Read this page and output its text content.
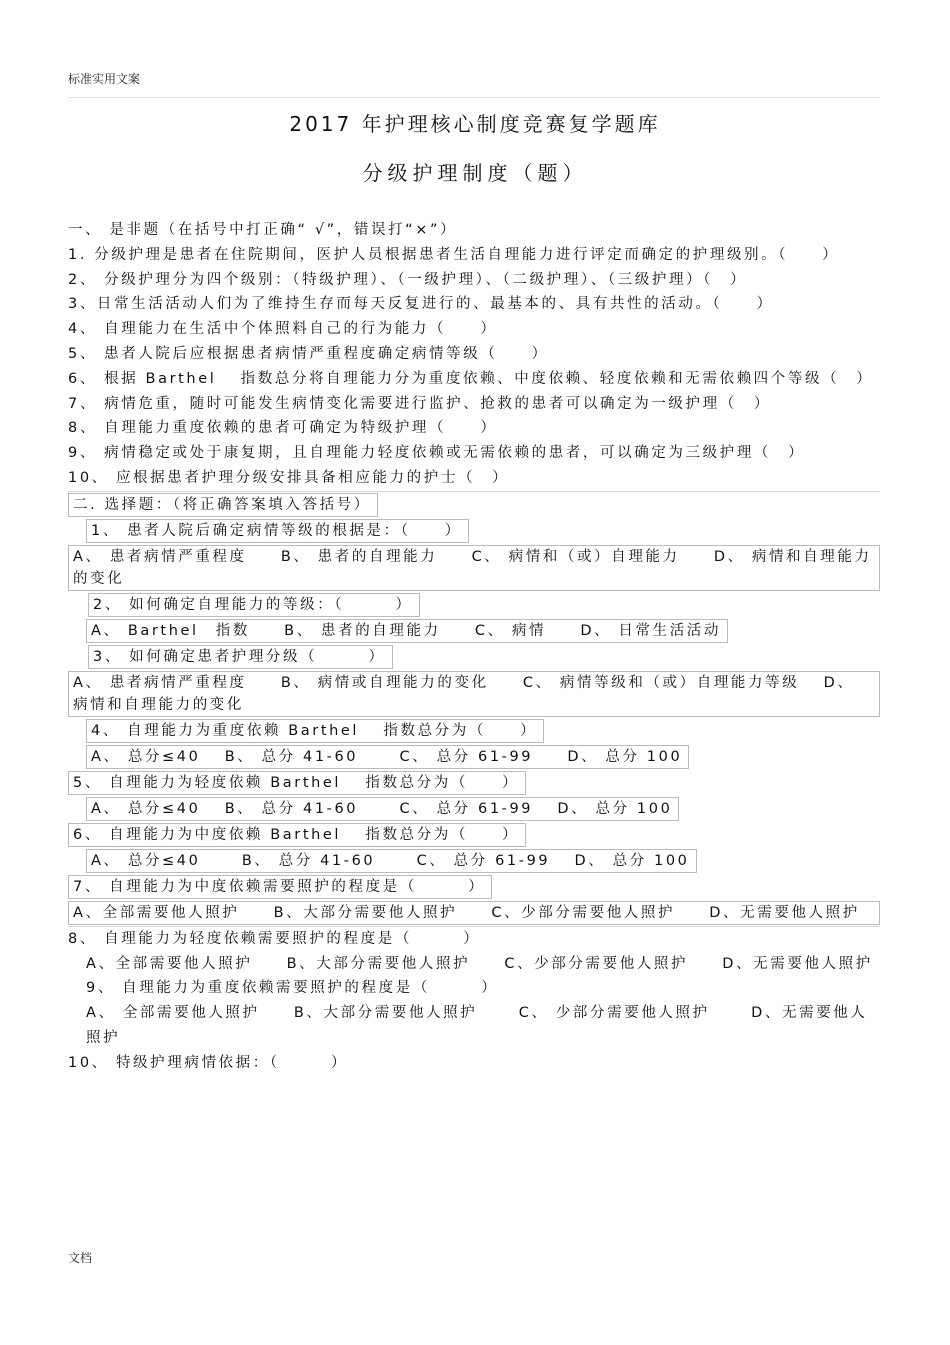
标准实用文案
2017 年护理核心制度竞赛复学题库
分级护理制度（题）

一、 是非题（在括号中打正确“ √”，错误打“×”）

1. 分级护理是患者在住院期间，医护人员根据患者生活自理能力进行评定而确定的护理级别。（　　）

2、 分级护理分为四个级别：（特级护理）、（一级护理）、（二级护理）、（三级护理）（　）

3、日常生活活动人们为了维持生存而每天反复进行的、最基本的、具有共性的活动。（　　）

4、 自理能力在生活中个体照料自己的行为能力（　　）

5、 患者人院后应根据患者病情严重程度确定病情等级（　　）

6、 根据 Barthel　 指数总分将自理能力分为重度依赖、中度依赖、轻度依赖和无需依赖四个等级（　）

7、 病情危重，随时可能发生病情变化需要进行监护、抢救的患者可以确定为一级护理（　）

8、 自理能力重度依赖的患者可确定为特级护理（　　）

9、 病情稳定或处于康复期，且自理能力轻度依赖或无需依赖的患者，可以确定为三级护理（　）

10、 应根据患者护理分级安排具备相应能力的护士（　）

二. 选择题：（将正确答案填入答括号）

1、 患者人院后确定病情等级的根据是：（　　）

A、 患者病情严重程度　　B、 患者的自理能力　　C、 病情和（或）自理能力　　D、 病情和自理能力的变化

2、 如何确定自理能力的等级：（　　　）

A、 Barthel　指数　　B、 患者的自理能力　　C、 病情　　D、 日常生活活动

3、 如何确定患者护理分级（　　　）

A、 患者病情严重程度　　B、 病情或自理能力的变化　　C、 病情等级和（或）自理能力等级　 D、 病情和自理能力的变化

4、 自理能力为重度依赖 Barthel　 指数总分为（　　）

A、 总分≤40　 B、 总分 41-60　　 C、 总分 61-99　　D、 总分 100

5、 自理能力为轻度依赖 Barthel　 指数总分为（　　）

A、 总分≤40　 B、 总分 41-60　　 C、 总分 61-99　 D、 总分 100

6、 自理能力为中度依赖 Barthel　 指数总分为（　　）

A、 总分≤40　　 B、 总分 41-60　　 C、 总分 61-99　 D、 总分 100

7、 自理能力为中度依赖需要照护的程度是（　　　）

A、全部需要他人照护　　B、大部分需要他人照护　　C、少部分需要他人照护　　D、无需要他人照护

8、 自理能力为轻度依赖需要照护的程度是（　　　）

A、全部需要他人照护　　B、大部分需要他人照护　　C、少部分需要他人照护　　D、无需要他人照护

9、 自理能力为重度依赖需要照护的程度是（　　　）

A、 全部需要他人照护　　B、大部分需要他人照护　　 C、 少部分需要他人照护　　 D、无需要他人照护

10、 特级护理病情依据：（　　　）

文档
